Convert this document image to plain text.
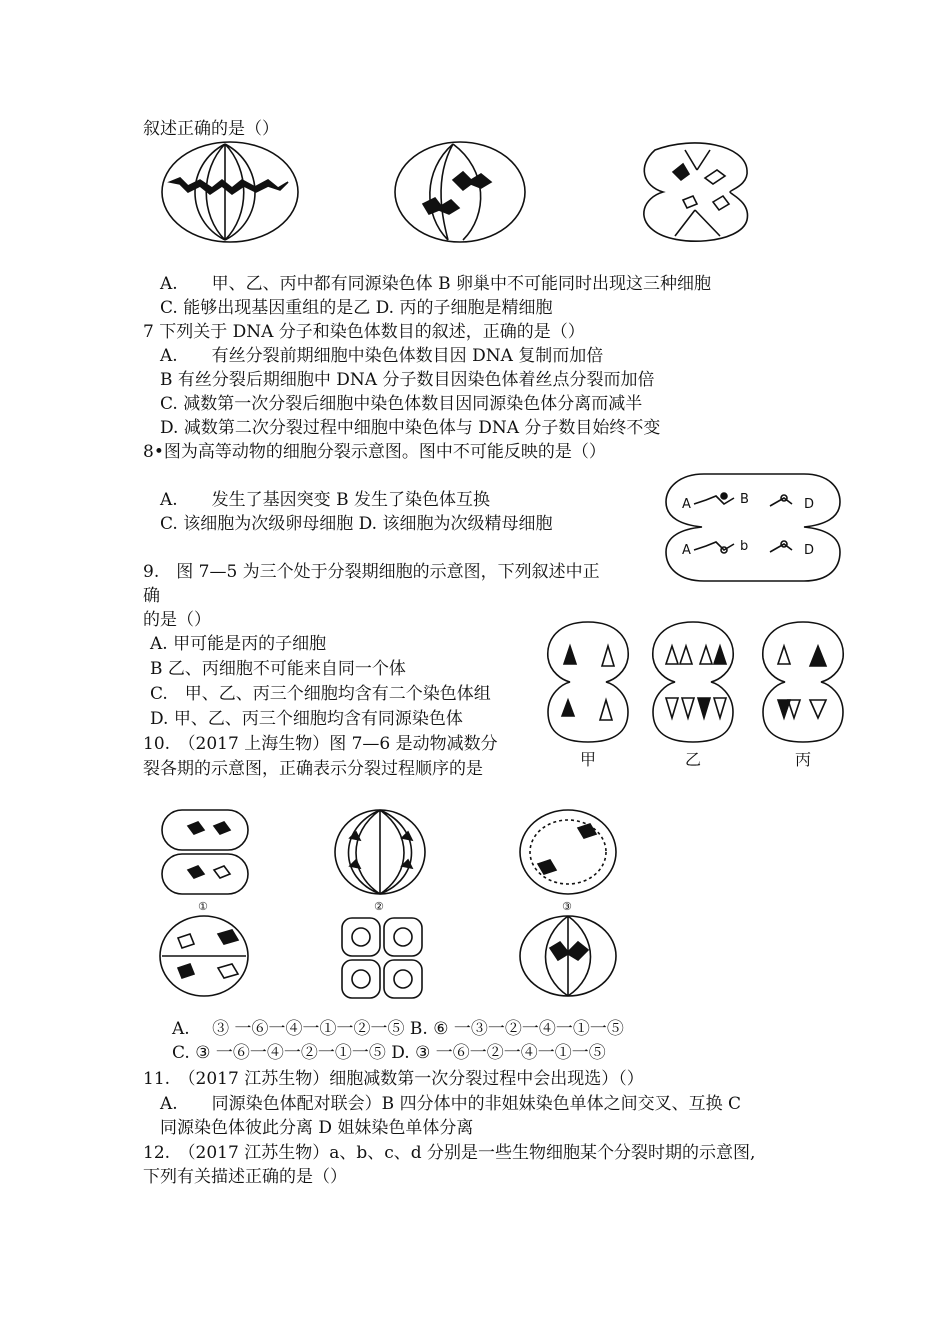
叙述正确的是（）
A.　　甲、乙、丙中都有同源染色体 B 卵巢中不可能同时出现这三种细胞
C. 能够出现基因重组的是乙 D. 丙的子细胞是精细胞
7 下列关于 DNA 分子和染色体数目的叙述，正确的是（）
A.　　有丝分裂前期细胞中染色体数目因 DNA 复制而加倍
B 有丝分裂后期细胞中 DNA 分子数目因染色体着丝点分裂而加倍
C. 减数第一次分裂后细胞中染色体数目因同源染色体分离而减半
D. 减数第二次分裂过程中细胞中染色体与 DNA 分子数目始终不变
8•图为高等动物的细胞分裂示意图。图中不可能反映的是（）
A.　　发生了基因突变 B 发生了染色体互换
C. 该细胞为次级卵母细胞 D. 该细胞为次级精母细胞
A	B	D
A	b	D
9.　图 7—5 为三个处于分裂期细胞的示意图，下列叙述中正
确
的是（）
A. 甲可能是丙的子细胞
B 乙、丙细胞不可能来自同一个体
C.　甲、乙、丙三个细胞均含有二个染色体组
D. 甲、乙、丙三个细胞均含有同源染色体
甲	乙	丙
10.　（2017 上海生物）图 7—6 是动物减数分
裂各期的示意图，正确表示分裂过程顺序的是
①	②	③
A.　 ③ 一⑥一④一①一②一⑤ B. ⑥ 一③一②一④一①一⑤
C. ③ 一⑥一④一②一①一⑤ D. ③ 一⑥一②一④一①一⑤
11.　（2017 江苏生物）细胞减数第一次分裂过程中会出现选）（）
A.　　同源染色体配对联会）B 四分体中的非姐妹染色单体之间交叉、互换 C
同源染色体彼此分离 D 姐妹染色单体分离
12.　（2017 江苏生物）a、b、c、d 分别是一些生物细胞某个分裂时期的示意图,
下列有关描述正确的是（）
